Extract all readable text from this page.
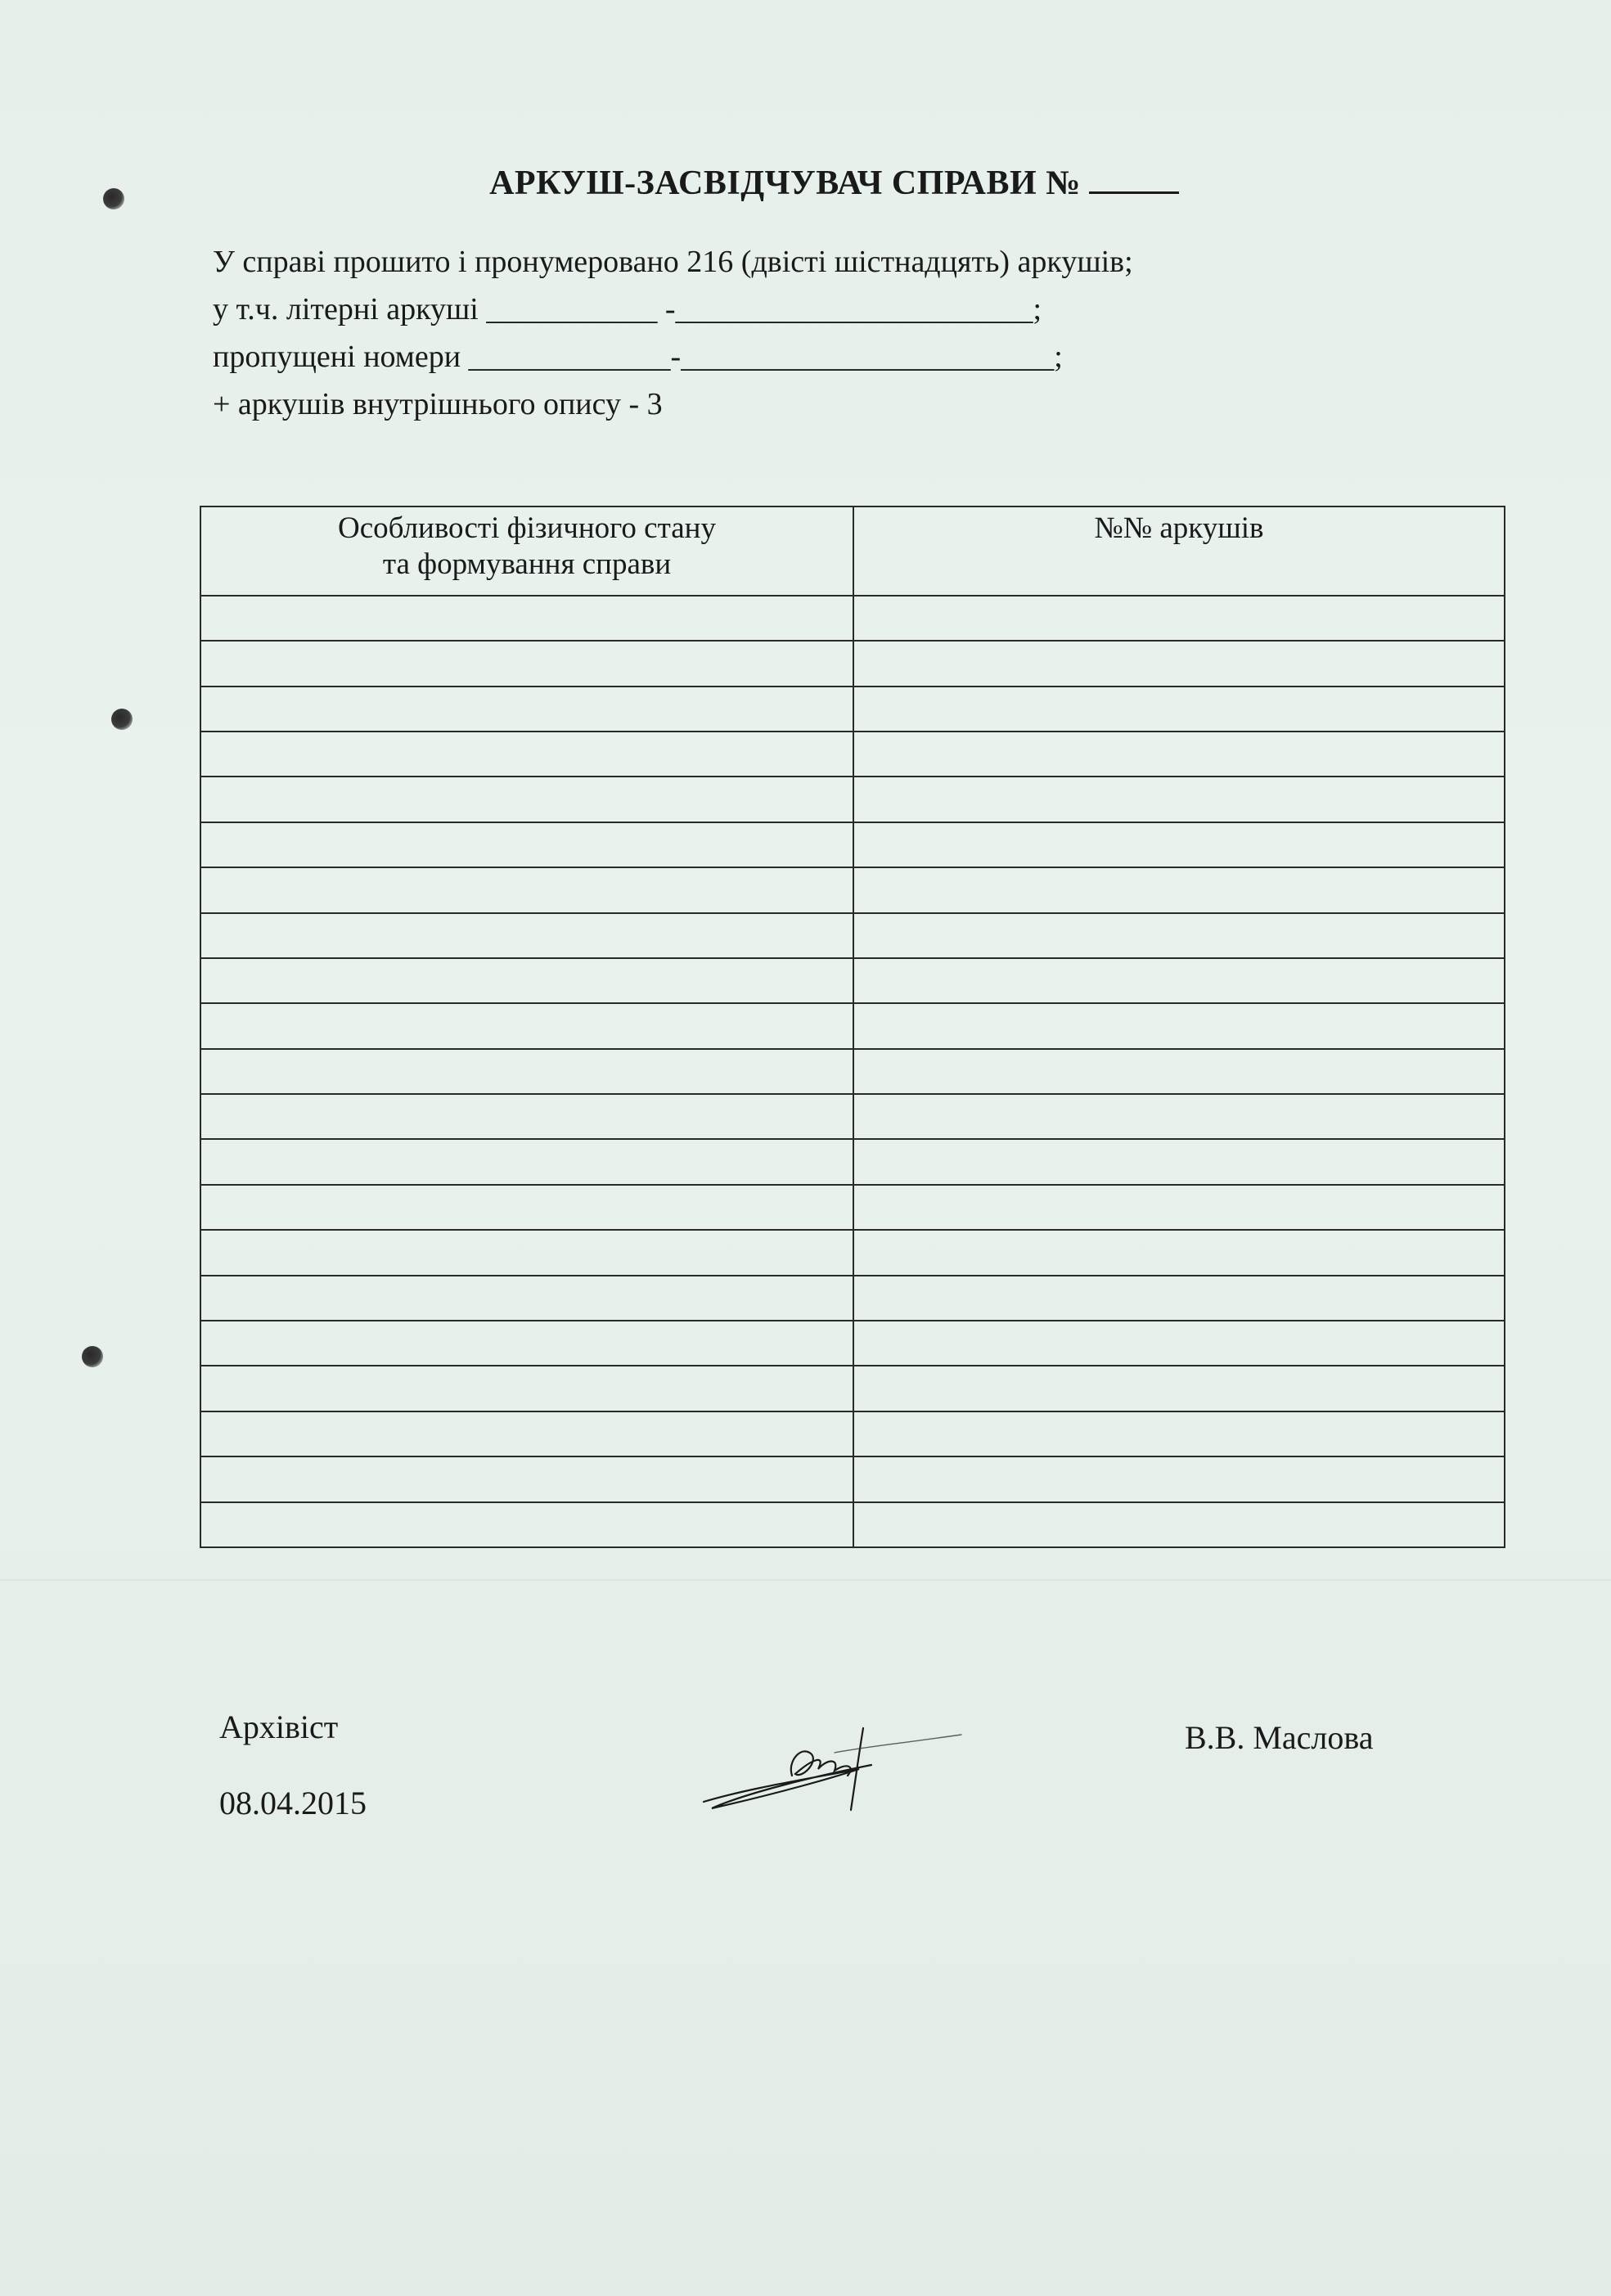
АРКУШ-ЗАСВІДЧУВАЧ СПРАВИ №
У справі прошито і пронумеровано 216 (двісті шістнадцять) аркушів;
у т.ч. літерні аркуші ___________ -_______________________;
пропущені номери _____________-________________________;
+ аркушів внутрішнього опису - 3
Особливості фізичного стану
та формування справи	№№ аркушів

Архівіст
08.04.2015
В.В. Маслова
